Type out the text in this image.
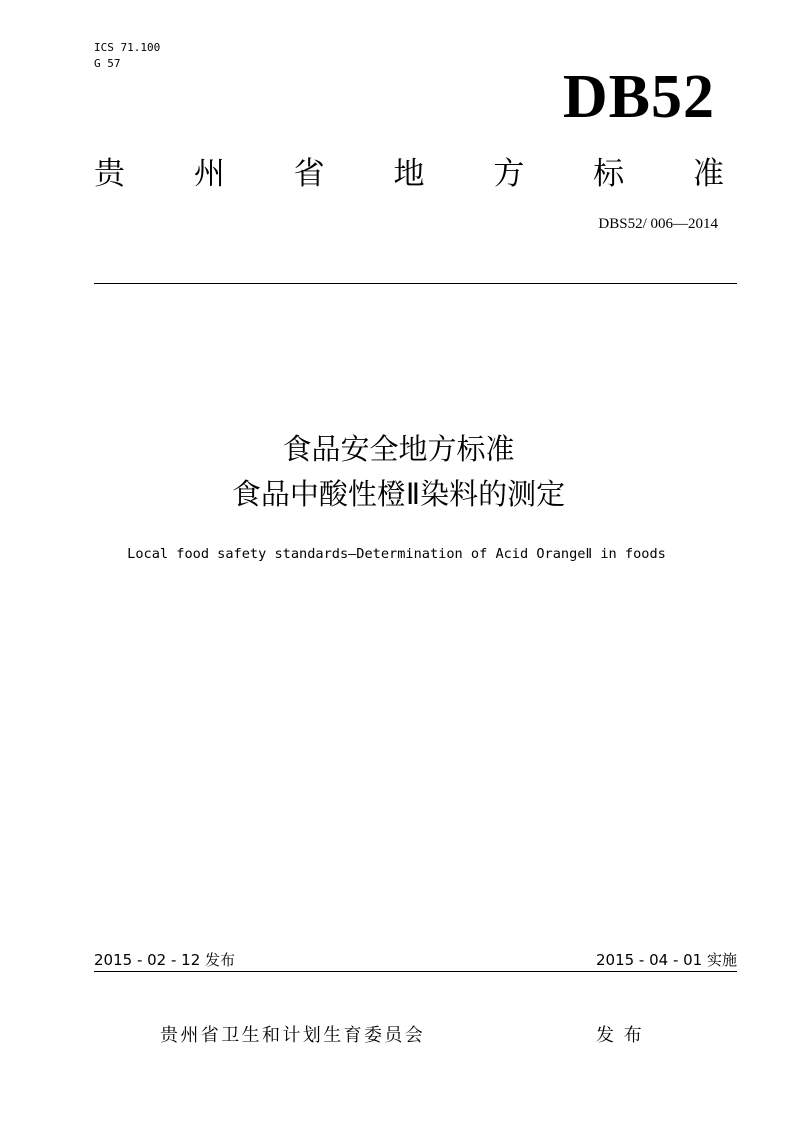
ICS 71.100
G 57	DB52
贵 州 省 地 方 标 准
DBS52/ 006—2014
食品安全地方标准
食品中酸性橙Ⅱ染料的测定
Local food safety standards—Determination of Acid OrangeⅡ in foods
2015 - 02 - 12 发布	2015 - 04 - 01 实施
贵州省卫生和计划生育委员会	发 布
